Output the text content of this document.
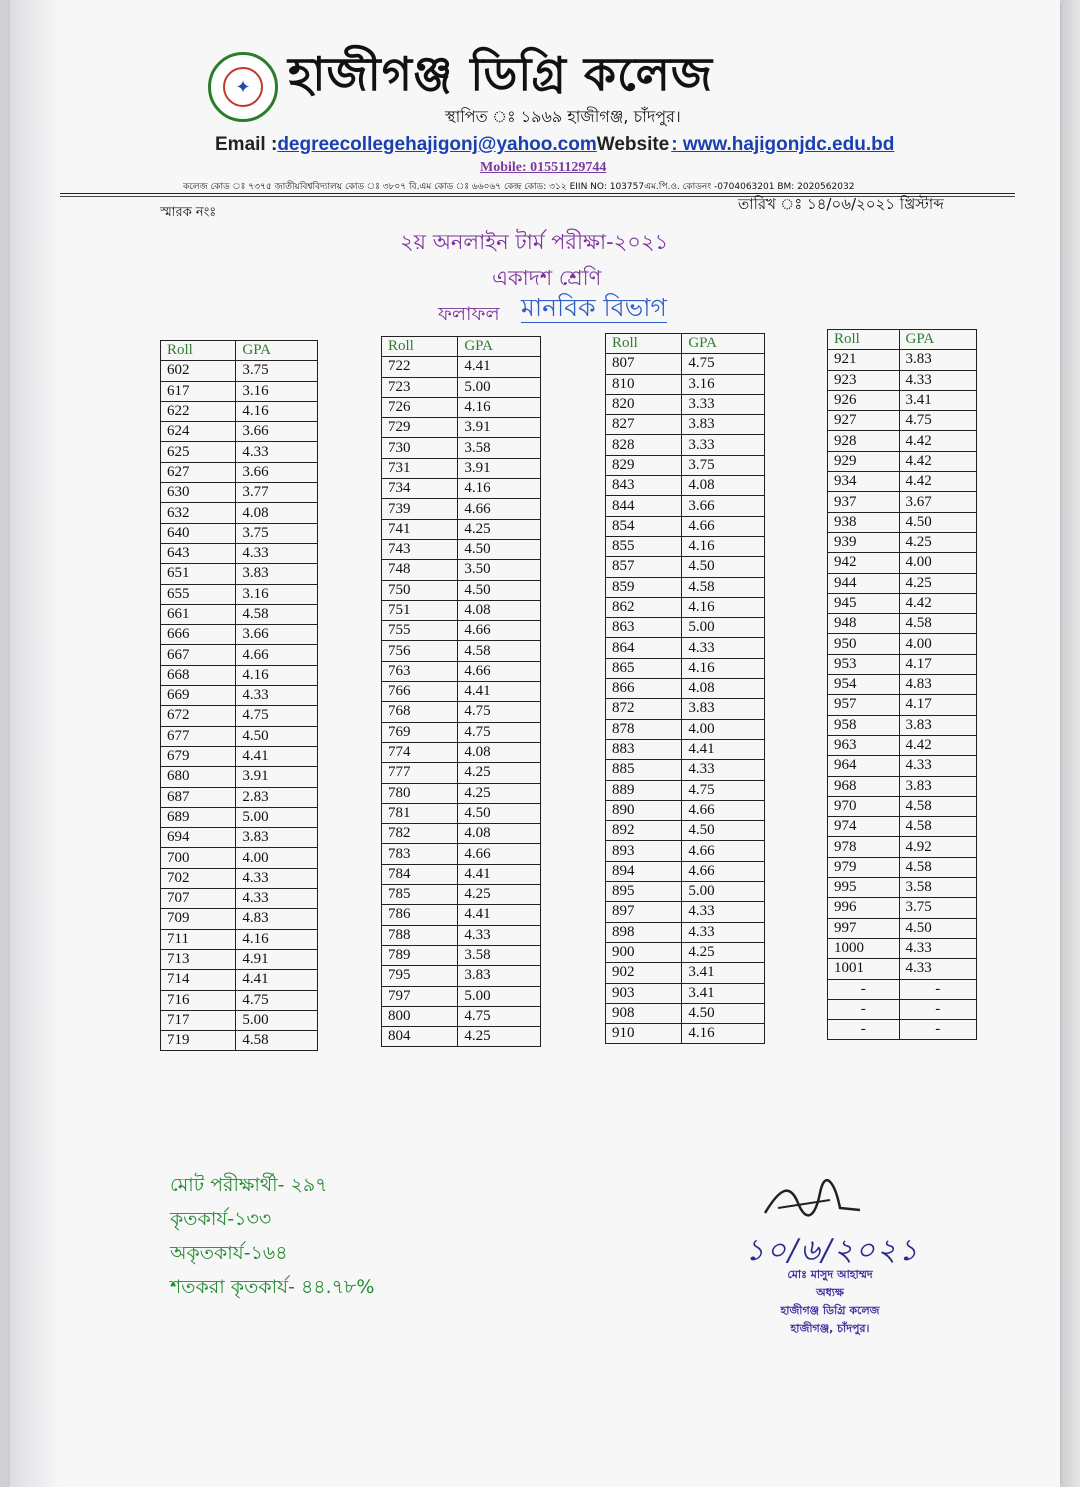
✦ হাজীগঞ্জ ডিগ্রি কলেজ
স্থাপিত ঃ ১৯৬৯ হাজীগঞ্জ, চাঁদপুর।
Email :degreecollegehajigonj@yahoo.comWebsite : www.hajigonjdc.edu.bd
Mobile: 01551129744
কলেজ কোড ঃ ৭৩৭৫ জাতীয়বিশ্ববিদ্যালয় কোড ঃ ৩৮০৭ বি.এম কোড ঃ ৬৬০৬৭ কেন্দ্র কোড: ৩১২ EIIN NO: 103757এম.পি.ও. কোডনং -0704063201 BM: 2020562032
স্মারক নংঃ	তারিখ ঃ ১৪/০৬/২০২১ খ্রিস্টাব্দ
২য় অনলাইন টার্ম পরীক্ষা-২০২১
একাদশ শ্রেণি
ফলাফল মানবিক বিভাগ
Roll	GPA
602	3.75
617	3.16
622	4.16
624	3.66
625	4.33
627	3.66
630	3.77
632	4.08
640	3.75
643	4.33
651	3.83
655	3.16
661	4.58
666	3.66
667	4.66
668	4.16
669	4.33
672	4.75
677	4.50
679	4.41
680	3.91
687	2.83
689	5.00
694	3.83
700	4.00
702	4.33
707	4.33
709	4.83
711	4.16
713	4.91
714	4.41
716	4.75
717	5.00
719	4.58
Roll	GPA
722	4.41
723	5.00
726	4.16
729	3.91
730	3.58
731	3.91
734	4.16
739	4.66
741	4.25
743	4.50
748	3.50
750	4.50
751	4.08
755	4.66
756	4.58
763	4.66
766	4.41
768	4.75
769	4.75
774	4.08
777	4.25
780	4.25
781	4.50
782	4.08
783	4.66
784	4.41
785	4.25
786	4.41
788	4.33
789	3.58
795	3.83
797	5.00
800	4.75
804	4.25
Roll	GPA
807	4.75
810	3.16
820	3.33
827	3.83
828	3.33
829	3.75
843	4.08
844	3.66
854	4.66
855	4.16
857	4.50
859	4.58
862	4.16
863	5.00
864	4.33
865	4.16
866	4.08
872	3.83
878	4.00
883	4.41
885	4.33
889	4.75
890	4.66
892	4.50
893	4.66
894	4.66
895	5.00
897	4.33
898	4.33
900	4.25
902	3.41
903	3.41
908	4.50
910	4.16
Roll	GPA
921	3.83
923	4.33
926	3.41
927	4.75
928	4.42
929	4.42
934	4.42
937	3.67
938	4.50
939	4.25
942	4.00
944	4.25
945	4.42
948	4.58
950	4.00
953	4.17
954	4.83
957	4.17
958	3.83
963	4.42
964	4.33
968	3.83
970	4.58
974	4.58
978	4.92
979	4.58
995	3.58
996	3.75
997	4.50
1000	4.33
1001	4.33
-	-
-	-
-	-
মোট পরীক্ষার্থী- ২৯৭
কৃতকার্য-১৩৩
অকৃতকার্য-১৬৪
শতকরা কৃতকার্য- ৪৪.৭৮%
১০/৬/২০২১
মোঃ মাসুদ আহাম্মদ
অধ্যক্ষ
হাজীগঞ্জ ডিগ্রি কলেজ
হাজীগঞ্জ, চাঁদপুর।
